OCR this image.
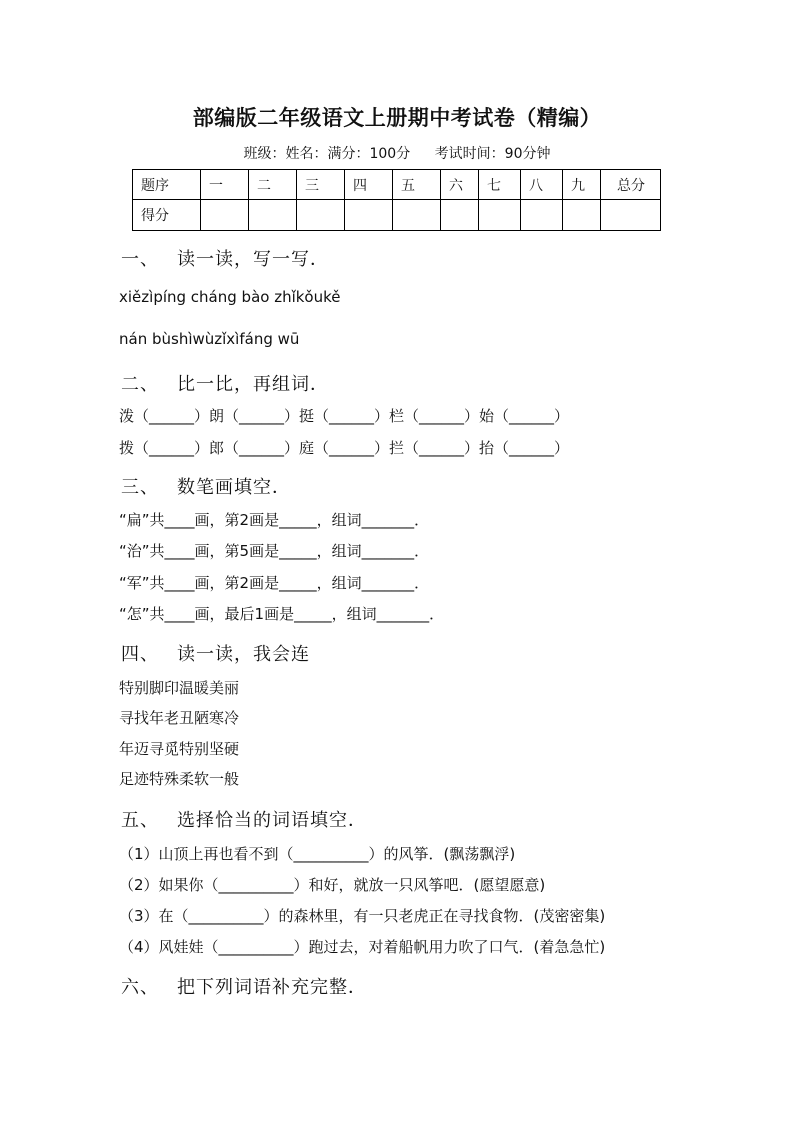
部编版二年级语文上册期中考试卷（精编）
班级：姓名：满分：100分 考试时间：90分钟
题序	一	二	三	四	五	六	七	八	九	总分
得分										
一、 读一读，写一写．
xiězìpíng cháng bào zhǐkǒukě
nán bùshìwùzǐxìfáng wū
二、 比一比，再组词．
泼（______）朗（______）挺（______）栏（______）始（______）
拨（______）郎（______）庭（______）拦（______）抬（______）
三、 数笔画填空．
“扁”共____画，第2画是_____，组词_______．
“治”共____画，第5画是_____，组词_______．
“军”共____画，第2画是_____，组词_______．
“怎”共____画，最后1画是_____，组词_______．
四、 读一读，我会连
特别脚印温暖美丽
寻找年老丑陋寒冷
年迈寻觅特别坚硬
足迹特殊柔软一般
五、 选择恰当的词语填空．
（1）山顶上再也看不到（__________）的风筝．(飘荡飘浮)
（2）如果你（__________）和好，就放一只风筝吧．(愿望愿意)
（3）在（__________）的森林里，有一只老虎正在寻找食物．(茂密密集)
（4）风娃娃（__________）跑过去，对着船帆用力吹了口气．(着急急忙)
六、 把下列词语补充完整．
